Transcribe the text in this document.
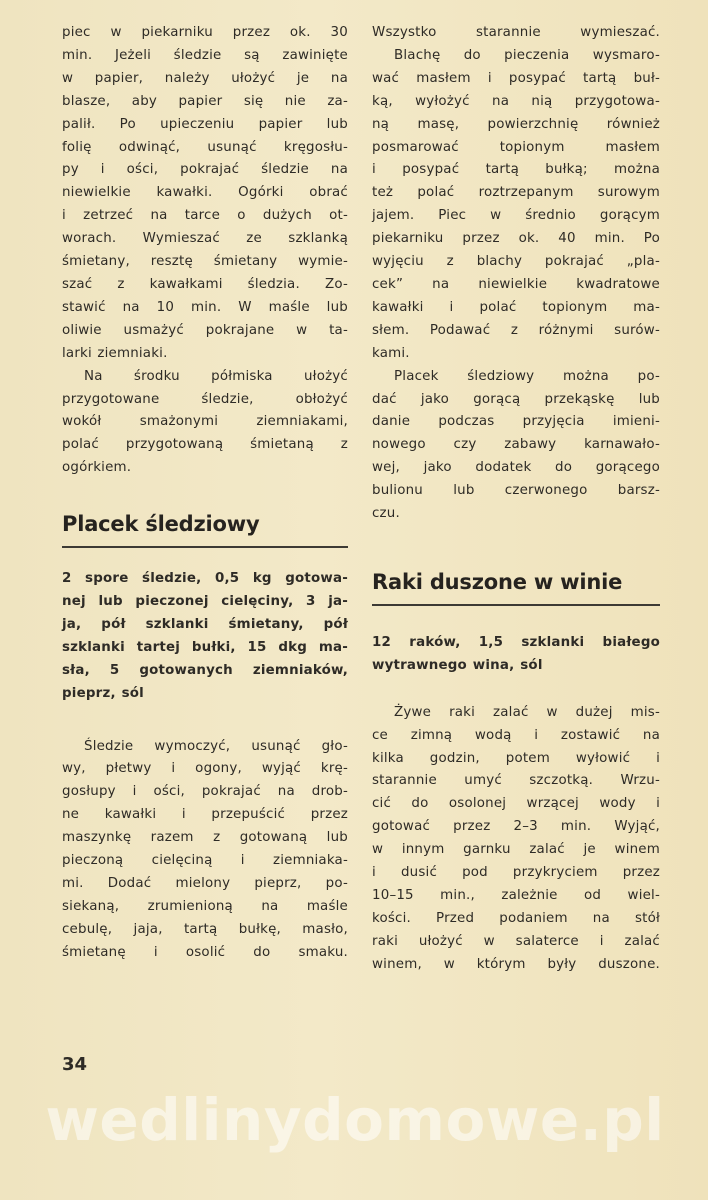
piec w piekarniku przez ok. 30
min. Jeżeli śledzie są zawinięte
w papier, należy ułożyć je na
blasze, aby papier się nie za-
palił. Po upieczeniu papier lub
folię odwinąć, usunąć kręgosłu-
py i ości, pokrajać śledzie na
niewielkie kawałki. Ogórki obrać
i zetrzeć na tarce o dużych ot-
worach. Wymieszać ze szklanką
śmietany, resztę śmietany wymie-
szać z kawałkami śledzia. Zo-
stawić na 10 min. W maśle lub
oliwie usmażyć pokrajane w ta-
larki ziemniaki.
Na środku półmiska ułożyć
przygotowane śledzie, obłożyć
wokół smażonymi ziemniakami,
polać przygotowaną śmietaną z
ogórkiem.
Placek śledziowy
2 spore śledzie, 0,5 kg gotowa-
nej lub pieczonej cielęciny, 3 ja-
ja, pół szklanki śmietany, pół
szklanki tartej bułki, 15 dkg ma-
sła, 5 gotowanych ziemniaków,
pieprz, sól
Śledzie wymoczyć, usunąć gło-
wy, płetwy i ogony, wyjąć krę-
gosłupy i ości, pokrajać na drob-
ne kawałki i przepuścić przez
maszynkę razem z gotowaną lub
pieczoną cielęciną i ziemniaka-
mi. Dodać mielony pieprz, po-
siekaną, zrumienioną na maśle
cebulę, jaja, tartą bułkę, masło,
śmietanę i osolić do smaku.
Wszystko starannie wymieszać.
Blachę do pieczenia wysmaro-
wać masłem i posypać tartą buł-
ką, wyłożyć na nią przygotowa-
ną masę, powierzchnię również
posmarować topionym masłem
i posypać tartą bułką; można
też polać roztrzepanym surowym
jajem. Piec w średnio gorącym
piekarniku przez ok. 40 min. Po
wyjęciu z blachy pokrajać „pla-
cek” na niewielkie kwadratowe
kawałki i polać topionym ma-
słem. Podawać z różnymi surów-
kami.
Placek śledziowy można po-
dać jako gorącą przekąskę lub
danie podczas przyjęcia imieni-
nowego czy zabawy karnawało-
wej, jako dodatek do gorącego
bulionu lub czerwonego barsz-
czu.
Raki duszone w winie
12 raków, 1,5 szklanki białego
wytrawnego wina, sól
Żywe raki zalać w dużej mis-
ce zimną wodą i zostawić na
kilka godzin, potem wyłowić i
starannie umyć szczotką. Wrzu-
cić do osolonej wrzącej wody i
gotować przez 2–3 min. Wyjąć,
w innym garnku zalać je winem
i dusić pod przykryciem przez
10–15 min., zależnie od wiel-
kości. Przed podaniem na stół
raki ułożyć w salaterce i zalać
winem, w którym były duszone.
34
wedlinydomowe.pl
